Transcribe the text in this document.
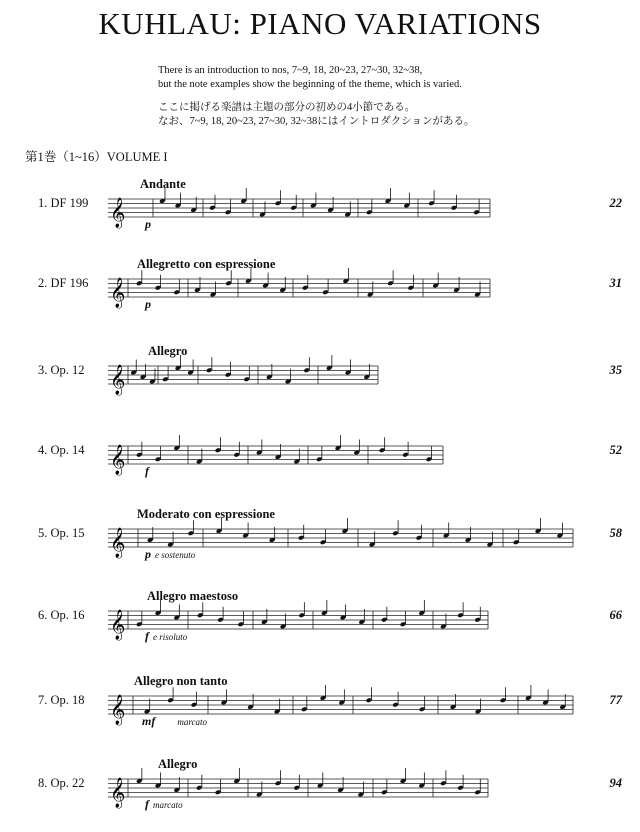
KUHLAU: PIANO VARIATIONS

There is an introduction to nos, 7~9, 18, 20~23, 27~30, 32~38,

but the note examples show the beginning of the theme, which is varied.

ここに掲げる楽譜は主題の部分の初めの4小節である。

なお、7~9, 18, 20~23, 27~30, 32~38にはイントロダクションがある。

第1巻（1~16）VOLUME I
1. DF 199
Andante
22
p
𝄞
2. DF 196
Allegretto con espressione
31
p
𝄞
3. Op. 12
Allegro
35
𝄞
4. Op. 14	52
f
𝄞
5. Op. 15
Moderato con espressione
58
p e sostenuto
𝄞
6. Op. 16
Allegro maestoso
66
f e risoluto
𝄞
7. Op. 18
Allegro non tanto
77
mf marcato
𝄞
8. Op. 22
Allegro
94
f marcato
𝄞
